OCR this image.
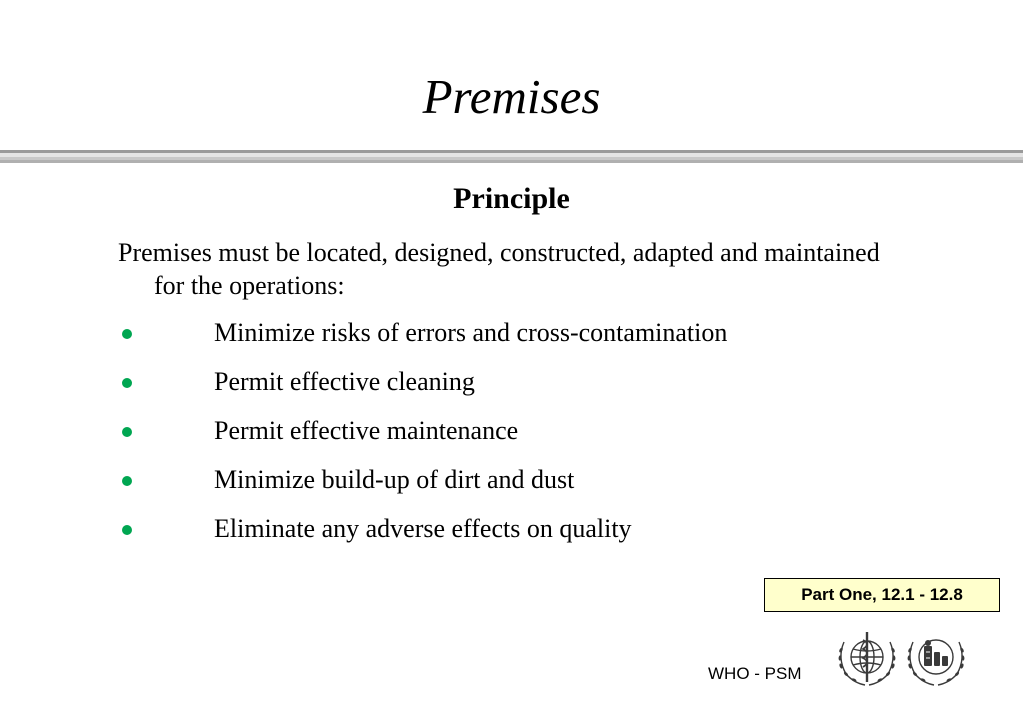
Premises
Principle
Premises must be located, designed, constructed, adapted and maintained for the operations:
Minimize risks of errors and cross-contamination
Permit effective cleaning
Permit effective maintenance
Minimize build-up of dirt and dust
Eliminate any adverse effects on quality
Part One, 12.1 - 12.8
WHO - PSM
